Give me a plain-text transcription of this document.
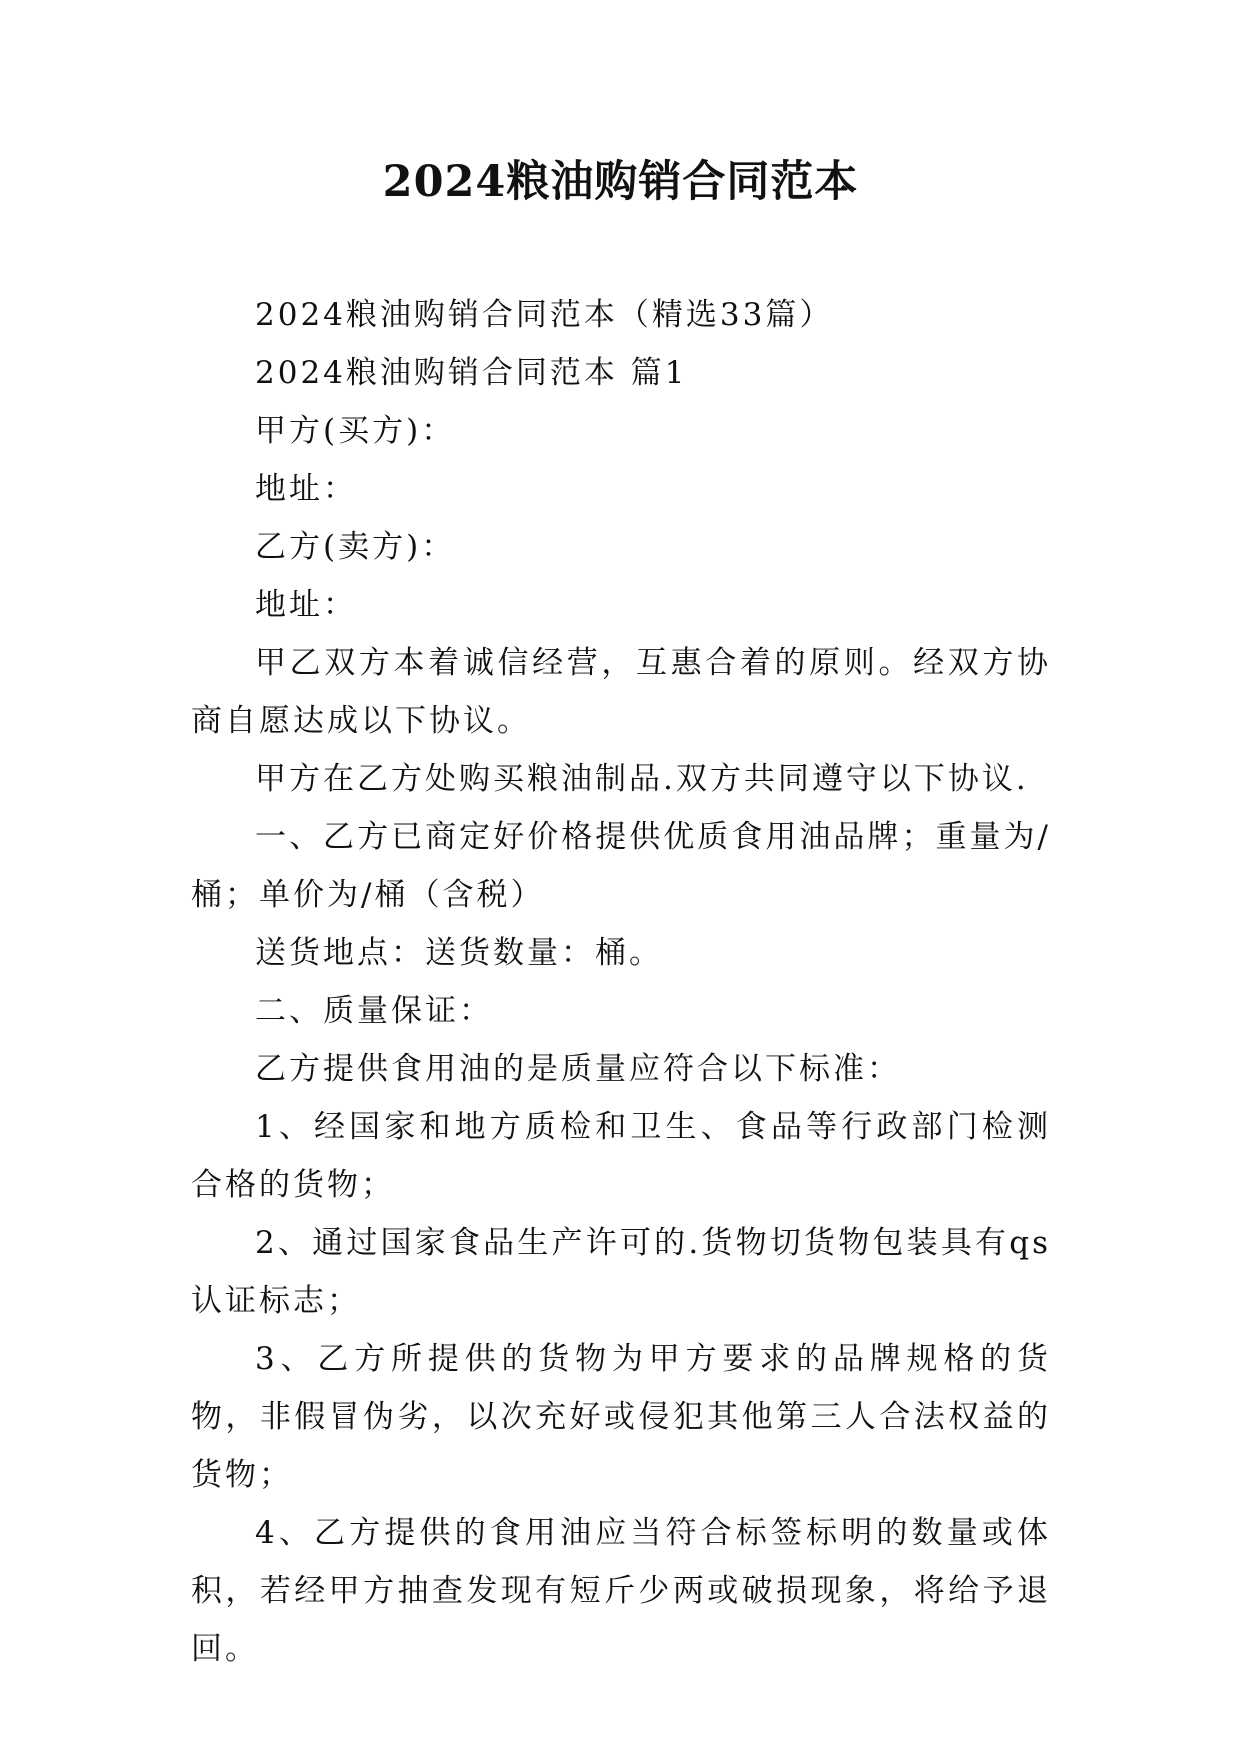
2024粮油购销合同范本

2024粮油购销合同范本（精选33篇）

2024粮油购销合同范本 篇1

甲方(买方)：

地址：

乙方(卖方)：

地址：

甲乙双方本着诚信经营，互惠合着的原则。经双方协商自愿达成以下协议。

甲方在乙方处购买粮油制品.双方共同遵守以下协议.

一、乙方已商定好价格提供优质食用油品牌；重量为/桶；单价为/桶（含税）

送货地点：送货数量：桶。

二、质量保证：

乙方提供食用油的是质量应符合以下标准：

1、经国家和地方质检和卫生、食品等行政部门检测合格的货物；

2、通过国家食品生产许可的.货物切货物包装具有qs认证标志；

3、乙方所提供的货物为甲方要求的品牌规格的货物，非假冒伪劣，以次充好或侵犯其他第三人合法权益的货物；

4、乙方提供的食用油应当符合标签标明的数量或体积，若经甲方抽查发现有短斤少两或破损现象，将给予退回。
